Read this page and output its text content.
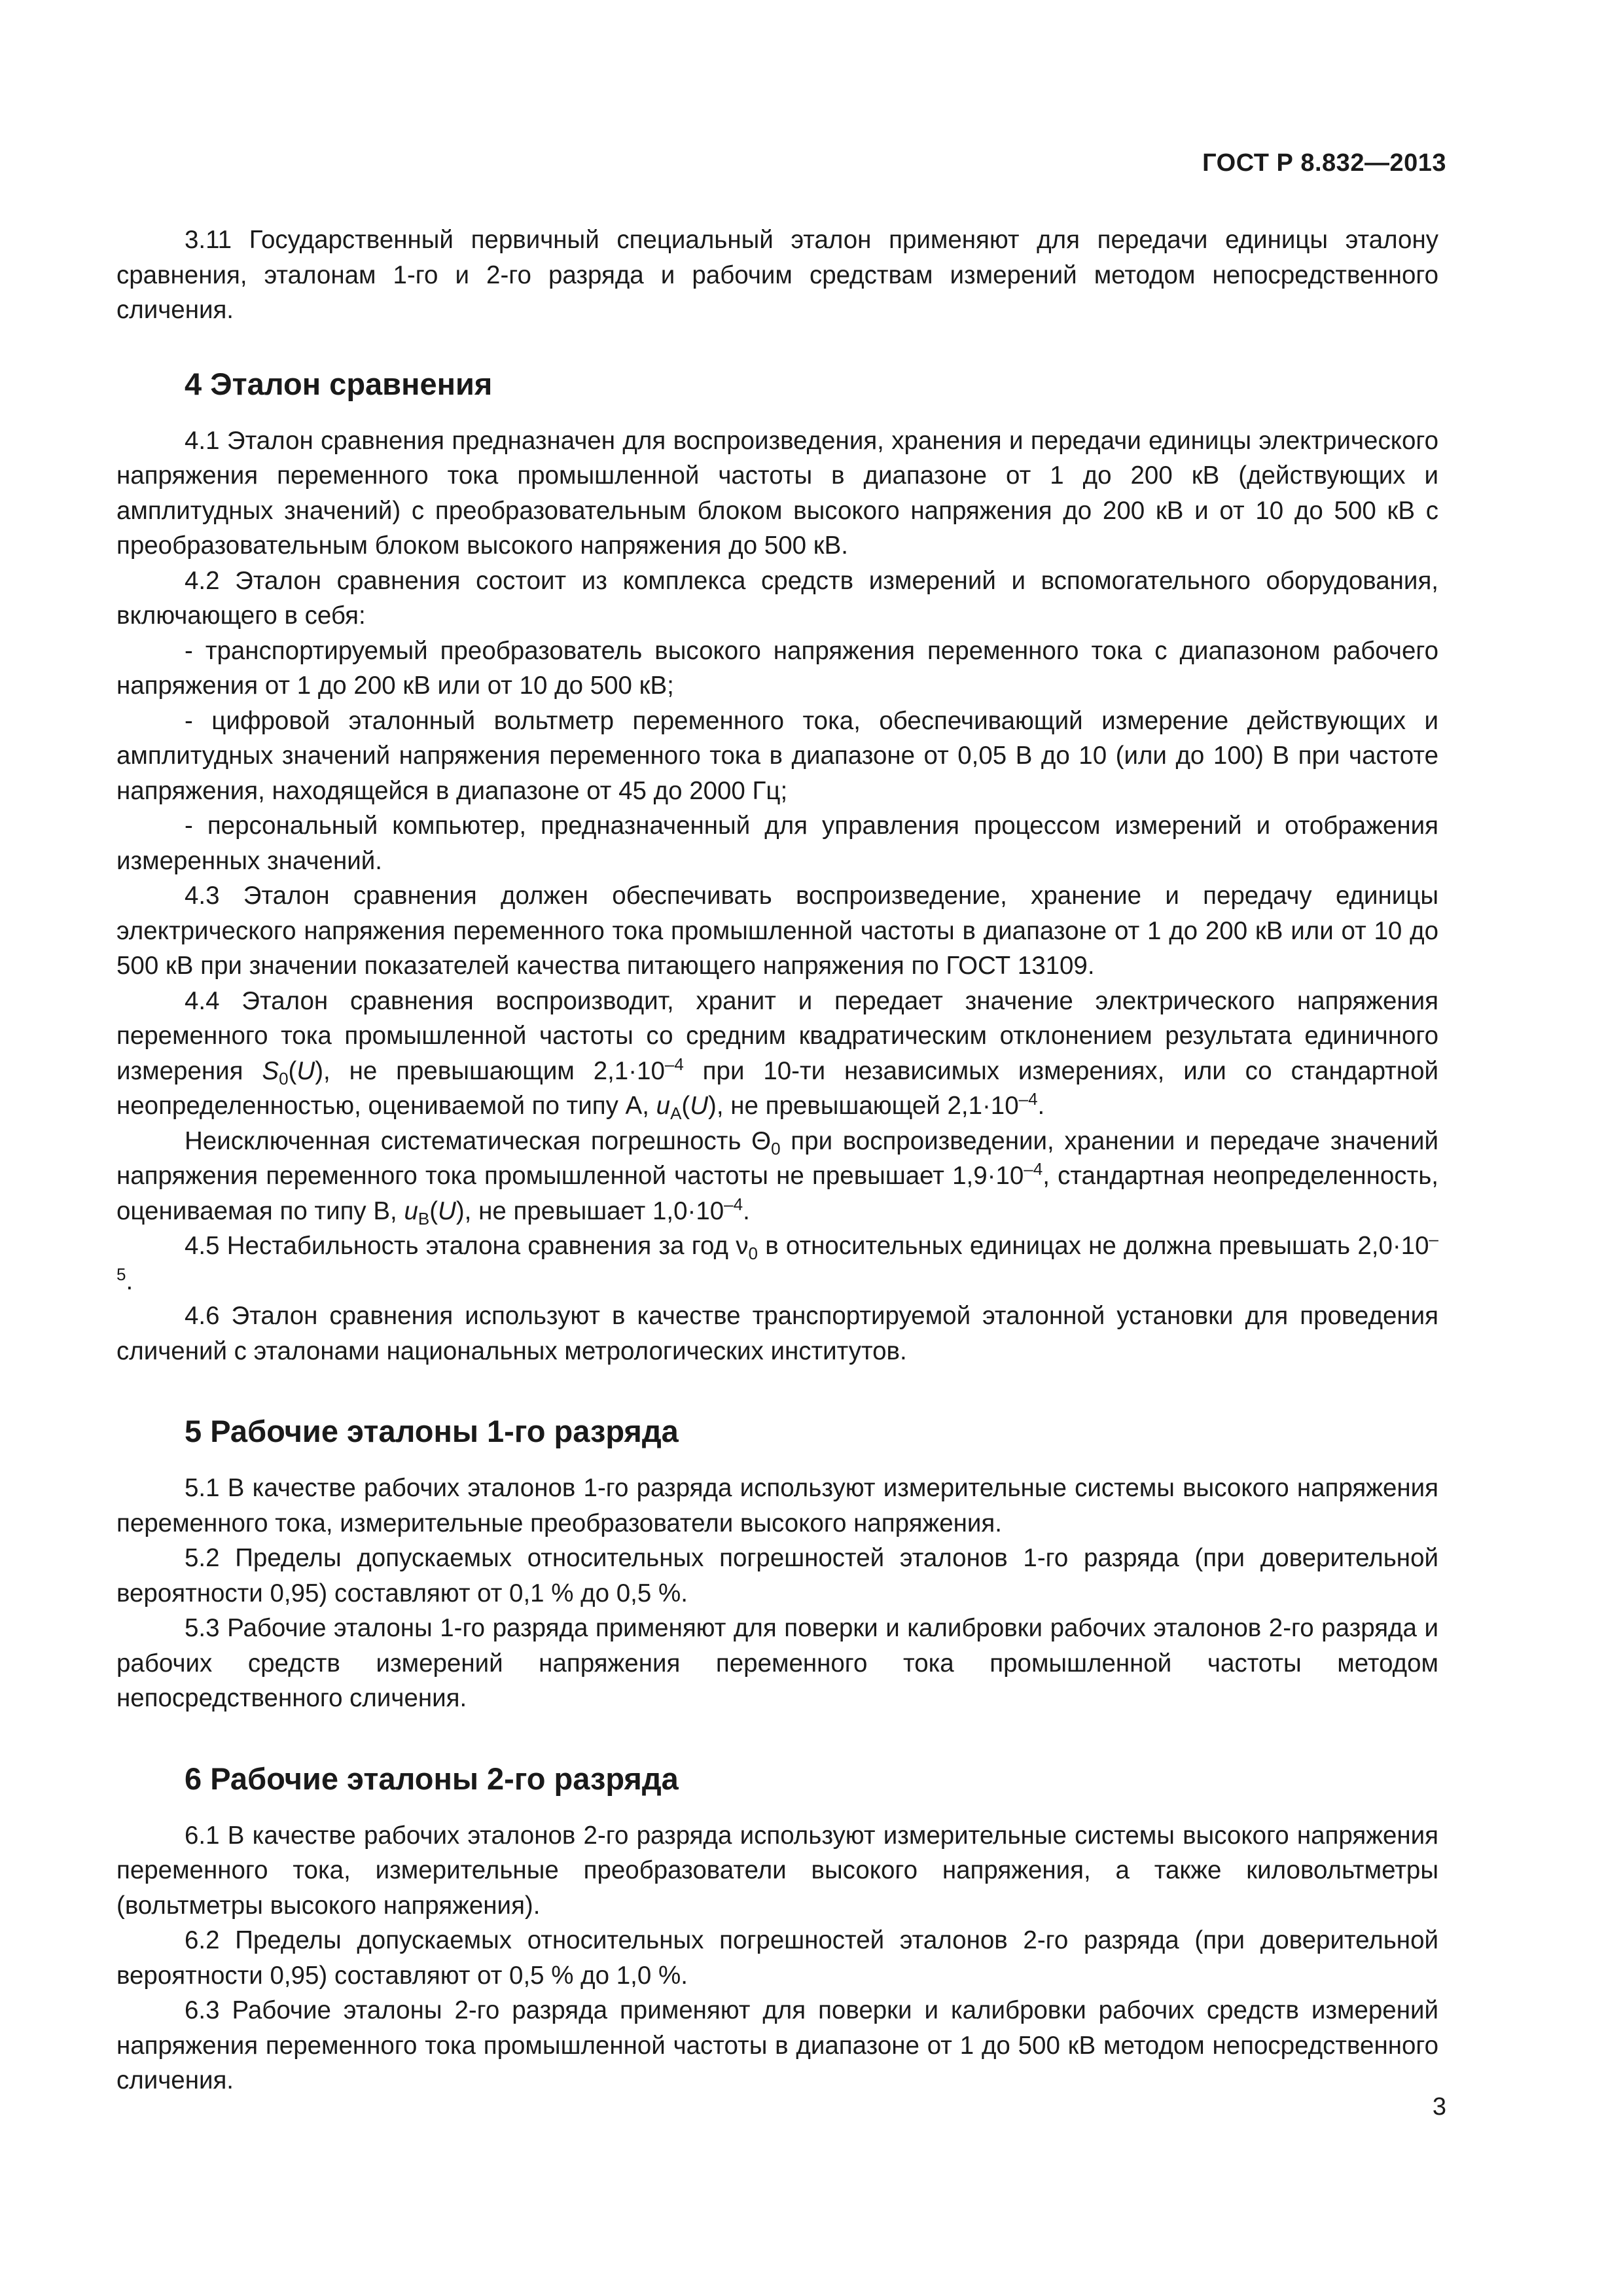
ГОСТ Р 8.832—2013

3.11 Государственный первичный специальный эталон применяют для передачи единицы эталону сравнения, эталонам 1-го и 2-го разряда и рабочим средствам измерений методом непосредственного сличения.

4 Эталон сравнения

4.1 Эталон сравнения предназначен для воспроизведения, хранения и передачи единицы электрического напряжения переменного тока промышленной частоты в диапазоне от 1 до 200 кВ (действующих и амплитудных значений) с преобразовательным блоком высокого напряжения до 200 кВ и от 10 до 500 кВ с преобразовательным блоком высокого напряжения до 500 кВ.

4.2 Эталон сравнения состоит из комплекса средств измерений и вспомогательного оборудования, включающего в себя:

- транспортируемый преобразователь высокого напряжения переменного тока с диапазоном рабочего напряжения от 1 до 200 кВ или от 10 до 500 кВ;

- цифровой эталонный вольтметр переменного тока, обеспечивающий измерение действующих и амплитудных значений напряжения переменного тока в диапазоне от 0,05 В до 10 (или до 100) В при частоте напряжения, находящейся в диапазоне от 45 до 2000 Гц;

- персональный компьютер, предназначенный для управления процессом измерений и отображения измеренных значений.

4.3 Эталон сравнения должен обеспечивать воспроизведение, хранение и передачу единицы электрического напряжения переменного тока промышленной частоты в диапазоне от 1 до 200 кВ или от 10 до 500 кВ при значении показателей качества питающего напряжения по ГОСТ 13109.

4.4 Эталон сравнения воспроизводит, хранит и передает значение электрического напряжения переменного тока промышленной частоты со средним квадратическим отклонением результата единичного измерения $S_0(U)$, не превышающим $2,1\cdot 10^{-4}$ при 10-ти независимых измерениях, или со стандартной неопределенностью, оцениваемой по типу А, $u_A(U)$, не превышающей $2,1\cdot 10^{-4}$.

Неисключенная систематическая погрешность $\Theta_0$ при воспроизведении, хранении и передаче значений напряжения переменного тока промышленной частоты не превышает $1,9\cdot 10^{-4}$, стандартная неопределенность, оцениваемая по типу В, $u_B(U)$, не превышает $1,0\cdot 10^{-4}$.

4.5 Нестабильность эталона сравнения за год $\nu_0$ в относительных единицах не должна превышать $2,0\cdot 10^{-5}$.

4.6 Эталон сравнения используют в качестве транспортируемой эталонной установки для проведения сличений с эталонами национальных метрологических институтов.

5 Рабочие эталоны 1-го разряда

5.1 В качестве рабочих эталонов 1-го разряда используют измерительные системы высокого напряжения переменного тока, измерительные преобразователи высокого напряжения.

5.2 Пределы допускаемых относительных погрешностей эталонов 1-го разряда (при доверительной вероятности 0,95) составляют от 0,1 % до 0,5 %.

5.3 Рабочие эталоны 1-го разряда применяют для поверки и калибровки рабочих эталонов 2-го разряда и рабочих средств измерений напряжения переменного тока промышленной частоты методом непосредственного сличения.

6 Рабочие эталоны 2-го разряда

6.1 В качестве рабочих эталонов 2-го разряда используют измерительные системы высокого напряжения переменного тока, измерительные преобразователи высокого напряжения, а также киловольтметры (вольтметры высокого напряжения).

6.2 Пределы допускаемых относительных погрешностей эталонов 2-го разряда (при доверительной вероятности 0,95) составляют от 0,5 % до 1,0 %.

6.3 Рабочие эталоны 2-го разряда применяют для поверки и калибровки рабочих средств измерений напряжения переменного тока промышленной частоты в диапазоне от 1 до 500 кВ методом непосредственного сличения.

3
